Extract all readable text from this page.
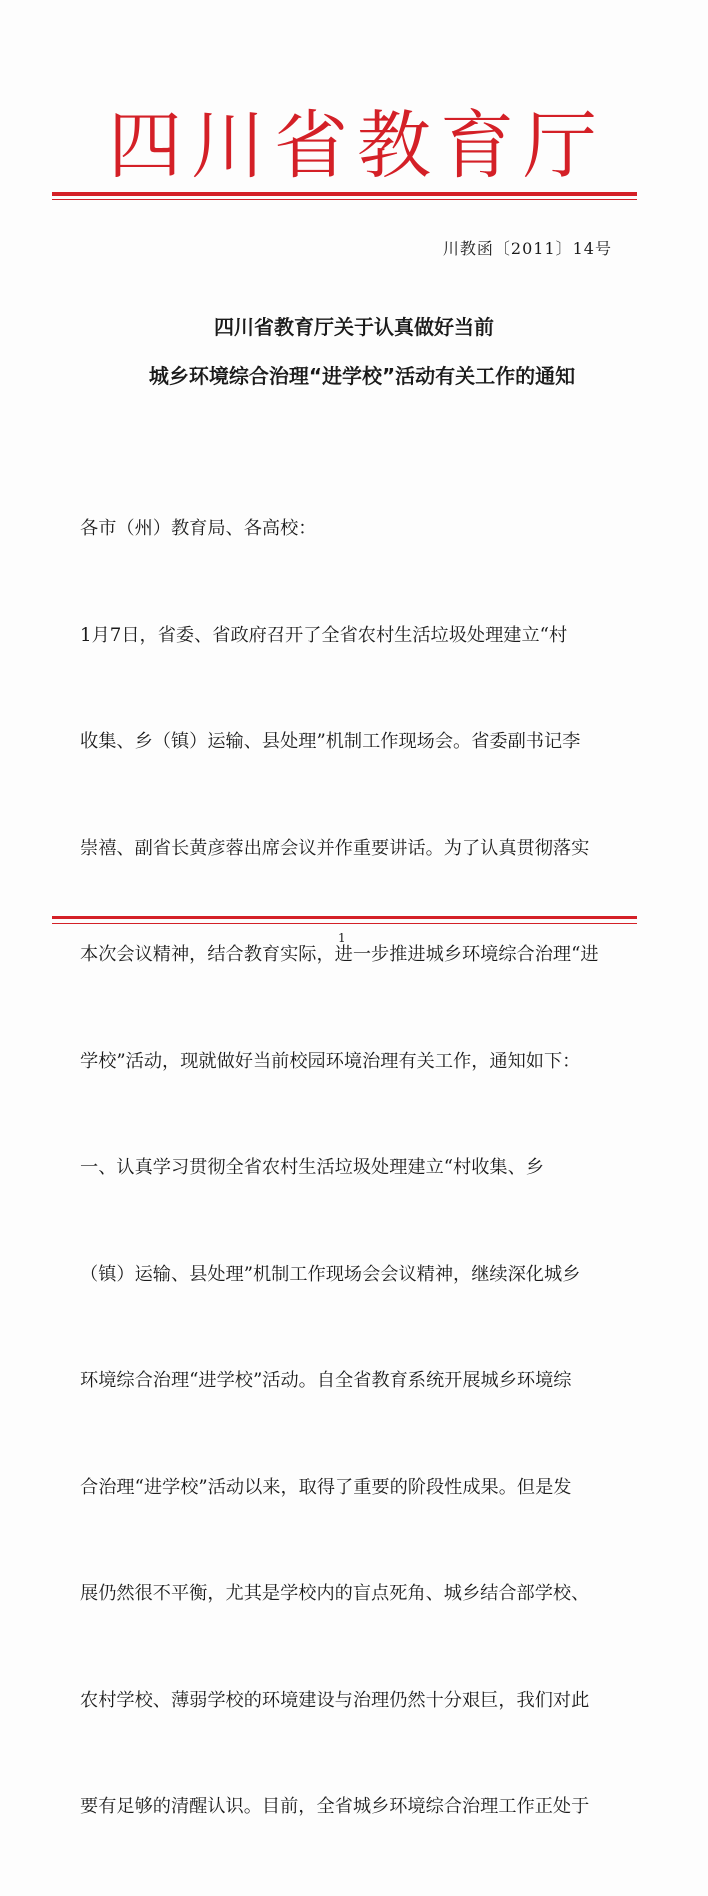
四川省教育厅
川教函〔2011〕14号
四川省教育厅关于认真做好当前
城乡环境综合治理“进学校”活动有关工作的通知

各市（州）教育局、各高校：

1月7日，省委、省政府召开了全省农村生活垃圾处理建立“村

收集、乡（镇）运输、县处理”机制工作现场会。省委副书记李

崇禧、副省长黄彦蓉出席会议并作重要讲话。为了认真贯彻落实

本次会议精神，结合教育实际，进一步推进城乡环境综合治理“进

学校”活动，现就做好当前校园环境治理有关工作，通知如下：

一、认真学习贯彻全省农村生活垃圾处理建立“村收集、乡

（镇）运输、县处理”机制工作现场会会议精神，继续深化城乡

环境综合治理“进学校”活动。自全省教育系统开展城乡环境综

合治理“进学校”活动以来，取得了重要的阶段性成果。但是发

展仍然很不平衡，尤其是学校内的盲点死角、城乡结合部学校、

农村学校、薄弱学校的环境建设与治理仍然十分艰巨，我们对此

要有足够的清醒认识。目前，全省城乡环境综合治理工作正处于

1
